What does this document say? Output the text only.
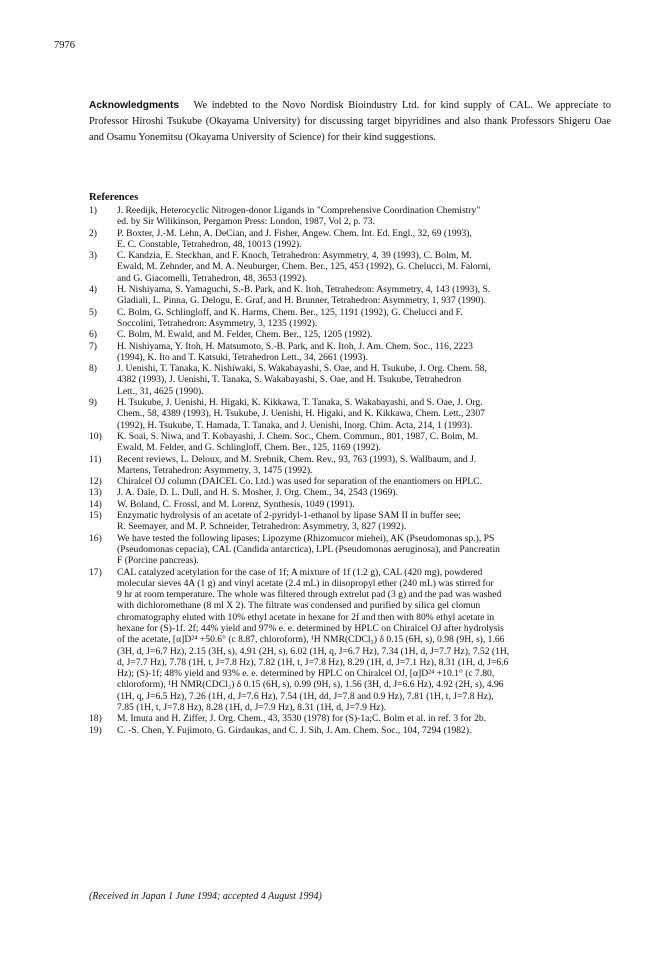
7976
Acknowledgments We indebted to the Novo Nordisk Bioindustry Ltd. for kind supply of CAL. We appreciate to Professor Hiroshi Tsukube (Okayama University) for discussing target bipyridines and also thank Professors Shigeru Oae and Osamu Yonemitsu (Okayama University of Science) for their kind suggestions.
References
1)	J. Reedijk, Heterocyclic Nitrogen-donor Ligands in "Comprehensive Coordination Chemistry"
ed. by Sir Wilikinson, Pergamon Press: London, 1987, Vol 2, p. 73.
2)	P. Boxter, J.-M. Lehn, A. DeCian, and J. Fisher, Angew. Chem. Int. Ed. Engl., 32, 69 (1993),
E. C. Constable, Tetrahedron, 48, 10013 (1992).
3)	C. Kandzia, E. Steckhan, and F. Knoch, Tetrahedron: Asymmetry, 4, 39 (1993), C. Bolm, M.
Ewald, M. Zehnder, and M. A. Neuburger, Chem. Ber., 125, 453 (1992), G. Chelucci, M. Falorni,
and G. Giacomelli, Tetrahedron, 48, 3653 (1992).
4)	H. Nishiyama, S. Yamaguchi, S.-B. Park, and K. Itoh, Tetrahedron: Asymmetry, 4, 143 (1993), S.
Gladiali, L. Pinna, G. Delogu, E. Graf, and H. Brunner, Tetrahedron: Asymmetry, 1, 937 (1990).
5)	C. Bolm, G. Schlingloff, and K. Harms, Chem. Ber., 125, 1191 (1992), G. Chelucci and F.
Soccolini, Tetrahedron: Asymmetry, 3, 1235 (1992).
6)	C. Bolm, M. Ewald, and M. Felder, Chem. Ber., 125, 1205 (1992).
7)	H. Nishiyama, Y. Itoh, H. Matsumoto, S.-B. Park, and K. Itoh, J. Am. Chem. Soc., 116, 2223
(1994), K. Ito and T. Katsuki, Tetrahedron Lett., 34, 2661 (1993).
8)	J. Uenishi, T. Tanaka, K. Nishiwaki, S. Wakabayashi, S. Oae, and H. Tsukube, J. Org. Chem. 58,
4382 (1993), J. Uenishi, T. Tanaka, S. Wakabayashi, S. Oae, and H. Tsukube, Tetrahedron
Lett., 31, 4625 (1990).
9)	H. Tsukube, J. Uenishi, H. Higaki, K. Kikkawa, T. Tanaka, S. Wakabayashi, and S. Oae, J. Org.
Chem., 58, 4389 (1993), H. Tsukube, J. Uenishi, H. Higaki, and K. Kikkawa, Chem. Lett., 2307
(1992), H. Tsukube, T. Hamada, T. Tanaka, and J. Uenishi, Inorg. Chim. Acta, 214, 1 (1993).
10)	K. Soai, S. Niwa, and T. Kobayashi, J. Chem. Soc., Chem. Commun., 801, 1987, C. Bolm, M.
Ewald, M. Felder, and G. Schlingloff, Chem. Ber., 125, 1169 (1992).
11)	Recent reviews, L. Deloux, and M. Srebnik, Chem. Rev., 93, 763 (1993), S. Wallbaum, and J.
Martens, Tetrahedron: Asymmetry, 3, 1475 (1992).
12)	Chiralcel OJ column (DAICEL Co. Ltd.) was used for separation of the enantiomers on HPLC.
13)	J. A. Dale, D. L. Dull, and H. S. Mosher, J. Org. Chem., 34, 2543 (1969).
14)	W. Boland, C. Frossl, and M. Lorenz, Synthesis, 1049 (1991).
15)	Enzymatic hydrolysis of an acetate of 2-pyridyl-1-ethanol by lipase SAM II in buffer see;
R. Seemayer, and M. P. Schneider, Tetrahedron: Asymmetry, 3, 827 (1992).
16)	We have tested the following lipases; Lipozyme (Rhizomucor miehei), AK (Pseudomonas sp.), PS
(Pseudomonas cepacia), CAL (Candida antarctica), LPL (Pseudomonas aeruginosa), and Pancreatin
F (Porcine pancreas).
17)	CAL catalyzed acetylation for the case of 1f; A mixture of 1f (1.2 g), CAL (420 mg), powdered
molecular sieves 4A (1 g) and vinyl acetate (2.4 mL) in diisopropyl ether (240 mL) was stirred for
9 hr at room temperature. The whole was filtered through extrelut pad (3 g) and the pad was washed
with dichloromethane (8 ml X 2). The filtrate was condensed and purified by silica gel clomun
chromatography eluted with 10% ethyl acetate in hexane for 2f and then with 80% ethyl acetate in
hexane for (S)-1f. 2f; 44% yield and 97% e. e. determined by HPLC on Chiralcel OJ after hydrolysis
of the acetate, [α]D²⁴ +50.6° (c 8.87, chloroform), ¹H NMR(CDCl₃) δ 0.15 (6H, s), 0.98 (9H, s), 1.66
(3H, d, J=6.7 Hz), 2.15 (3H, s), 4.91 (2H, s), 6.02 (1H, q, J=6.7 Hz), 7.34 (1H, d, J=7.7 Hz), 7.52 (1H,
d, J=7.7 Hz), 7.78 (1H, t, J=7.8 Hz), 7.82 (1H, t, J=7.8 Hz), 8.29 (1H, d, J=7.1 Hz), 8.31 (1H, d, J=6.6
Hz); (S)-1f; 48% yield and 93% e. e. determined by HPLC on Chiralcel OJ, [α]D²⁴ +10.1° (c 7.80,
chloroform), ¹H NMR(CDCl₃) δ 0.15 (6H, s), 0.99 (9H, s), 1.56 (3H, d, J=6.6 Hz), 4.92 (2H, s), 4.96
(1H, q, J=6.5 Hz), 7.26 (1H, d, J=7.6 Hz), 7.54 (1H, dd, J=7.8 and 0.9 Hz), 7.81 (1H, t, J=7.8 Hz),
7.85 (1H, t, J=7.8 Hz), 8.28 (1H, d, J=7.9 Hz), 8.31 (1H, d, J=7.9 Hz).
18)	M. Imuta and H. Ziffer, J. Org. Chem., 43, 3530 (1978) for (S)-1a;C. Bolm et al. in ref. 3 for 2b.
19)	C. -S. Chen, Y. Fujimoto, G. Girdaukas, and C. J. Sih, J. Am. Chem. Soc., 104, 7294 (1982).
(Received in Japan 1 June 1994; accepted 4 August 1994)
